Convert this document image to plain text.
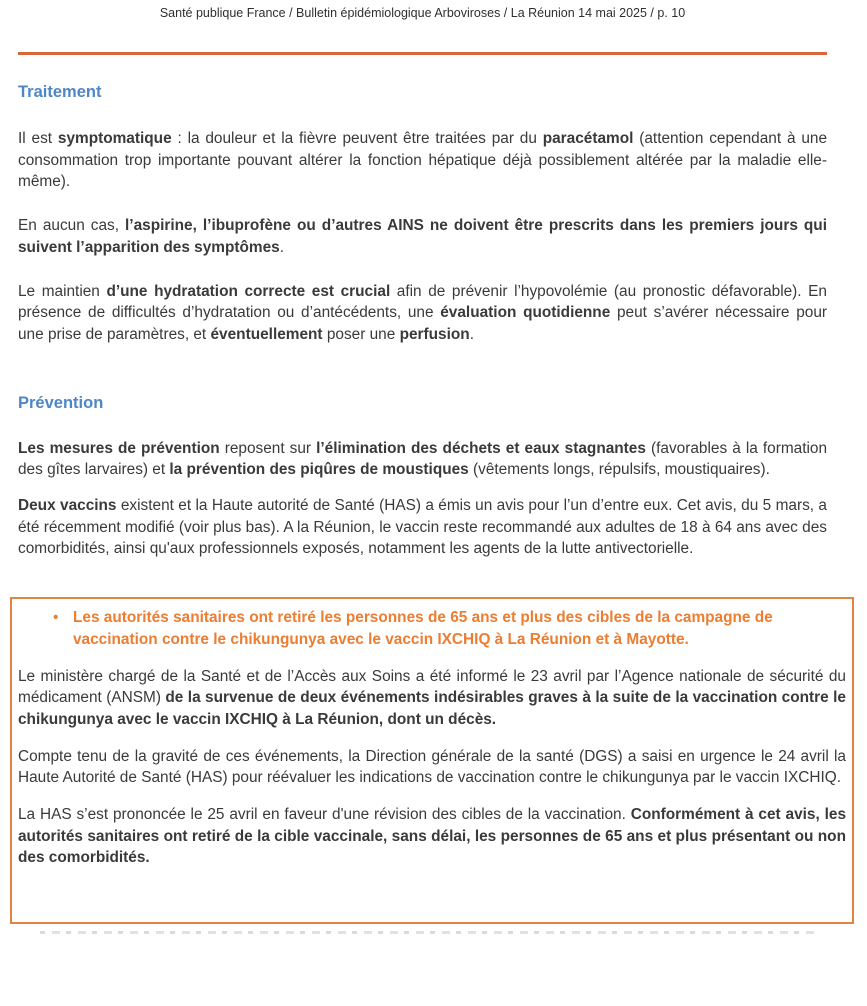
Santé publique France / Bulletin épidémiologique Arboviroses / La Réunion 14 mai 2025 / p. 10
Traitement

Il est symptomatique : la douleur et la fièvre peuvent être traitées par du paracétamol (attention cependant à une consommation trop importante pouvant altérer la fonction hépatique déjà possiblement altérée par la maladie elle-même).

En aucun cas, l’aspirine, l’ibuprofène ou d’autres AINS ne doivent être prescrits dans les premiers jours qui suivent l’apparition des symptômes.

Le maintien d’une hydratation correcte est crucial afin de prévenir l’hypovolémie (au pronostic défavorable). En présence de difficultés d’hydratation ou d’antécédents, une évaluation quotidienne peut s’avérer nécessaire pour une prise de paramètres, et éventuellement poser une perfusion.

Prévention

Les mesures de prévention reposent sur l’élimination des déchets et eaux stagnantes (favorables à la formation des gîtes larvaires) et la prévention des piqûres de moustiques (vêtements longs, répulsifs, moustiquaires).

Deux vaccins existent et la Haute autorité de Santé (HAS) a émis un avis pour l’un d’entre eux. Cet avis, du 5 mars, a été récemment modifié (voir plus bas). A la Réunion, le vaccin reste recommandé aux adultes de 18 à 64 ans avec des comorbidités, ainsi qu'aux professionnels exposés, notamment les agents de la lutte antivectorielle.

• Les autorités sanitaires ont retiré les personnes de 65 ans et plus des cibles de la campagne de vaccination contre le chikungunya avec le vaccin IXCHIQ à La Réunion et à Mayotte.

Le ministère chargé de la Santé et de l’Accès aux Soins a été informé le 23 avril par l’Agence nationale de sécurité du médicament (ANSM) de la survenue de deux événements indésirables graves à la suite de la vaccination contre le chikungunya avec le vaccin IXCHIQ à La Réunion, dont un décès.

Compte tenu de la gravité de ces événements, la Direction générale de la santé (DGS) a saisi en urgence le 24 avril la Haute Autorité de Santé (HAS) pour réévaluer les indications de vaccination contre le chikungunya par le vaccin IXCHIQ.

La HAS s’est prononcée le 25 avril en faveur d'une révision des cibles de la vaccination. Conformément à cet avis, les autorités sanitaires ont retiré de la cible vaccinale, sans délai, les personnes de 65 ans et plus présentant ou non des comorbidités.
